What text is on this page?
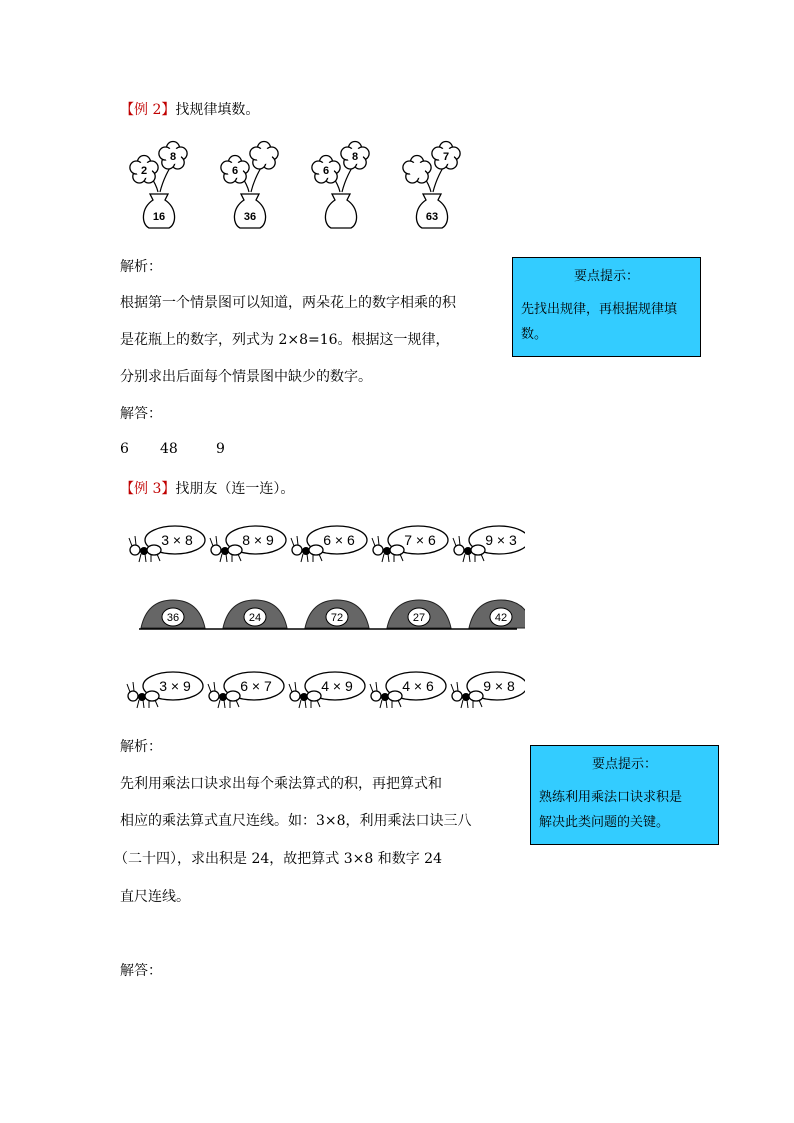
【例 2】找规律填数。
2
8
16
6
36
6
8	7
63
解析：
根据第一个情景图可以知道，两朵花上的数字相乘的积
是花瓶上的数字，列式为 2×8=16。根据这一规律，
分别求出后面每个情景图中缺少的数字。
解答：
6 48	9
要点提示：
先找出规律，再根据规律填
数。
【例 3】找朋友（连一连）。
3 × 8	8 × 9	6 × 6	7 × 6	9 × 3
36	24	72	27	42
3 × 9	6 × 7	4 × 9	4 × 6	9 × 8
解析：
先利用乘法口诀求出每个乘法算式的积，再把算式和
相应的乘法算式直尺连线。如：3×8，利用乘法口诀三八
（二十四），求出积是 24，故把算式 3×8 和数字 24
直尺连线。
解答：
要点提示：
熟练利用乘法口诀求积是
解决此类问题的关键。
